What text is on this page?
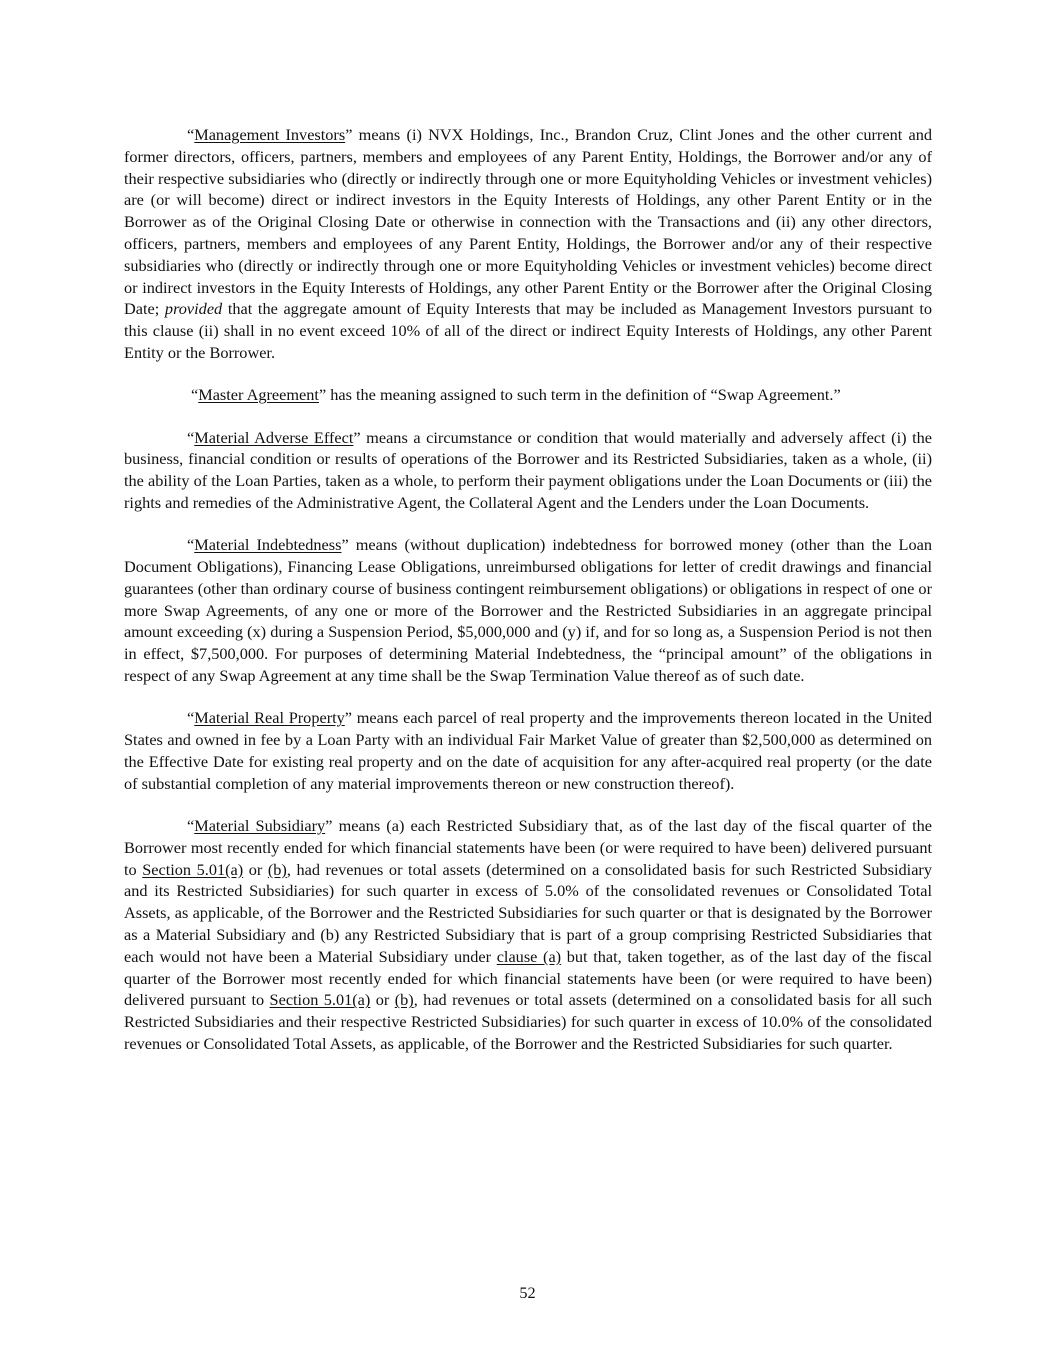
“Management Investors” means (i) NVX Holdings, Inc., Brandon Cruz, Clint Jones and the other current and former directors, officers, partners, members and employees of any Parent Entity, Holdings, the Borrower and/or any of their respective subsidiaries who (directly or indirectly through one or more Equityholding Vehicles or investment vehicles) are (or will become) direct or indirect investors in the Equity Interests of Holdings, any other Parent Entity or in the Borrower as of the Original Closing Date or otherwise in connection with the Transactions and (ii) any other directors, officers, partners, members and employees of any Parent Entity, Holdings, the Borrower and/or any of their respective subsidiaries who (directly or indirectly through one or more Equityholding Vehicles or investment vehicles) become direct or indirect investors in the Equity Interests of Holdings, any other Parent Entity or the Borrower after the Original Closing Date; provided that the aggregate amount of Equity Interests that may be included as Management Investors pursuant to this clause (ii) shall in no event exceed 10% of all of the direct or indirect Equity Interests of Holdings, any other Parent Entity or the Borrower.

“Master Agreement” has the meaning assigned to such term in the definition of “Swap Agreement.”

“Material Adverse Effect” means a circumstance or condition that would materially and adversely affect (i) the business, financial condition or results of operations of the Borrower and its Restricted Subsidiaries, taken as a whole, (ii) the ability of the Loan Parties, taken as a whole, to perform their payment obligations under the Loan Documents or (iii) the rights and remedies of the Administrative Agent, the Collateral Agent and the Lenders under the Loan Documents.

“Material Indebtedness” means (without duplication) indebtedness for borrowed money (other than the Loan Document Obligations), Financing Lease Obligations, unreimbursed obligations for letter of credit drawings and financial guarantees (other than ordinary course of business contingent reimbursement obligations) or obligations in respect of one or more Swap Agreements, of any one or more of the Borrower and the Restricted Subsidiaries in an aggregate principal amount exceeding (x) during a Suspension Period, $5,000,000 and (y) if, and for so long as, a Suspension Period is not then in effect, $7,500,000. For purposes of determining Material Indebtedness, the “principal amount” of the obligations in respect of any Swap Agreement at any time shall be the Swap Termination Value thereof as of such date.

“Material Real Property” means each parcel of real property and the improvements thereon located in the United States and owned in fee by a Loan Party with an individual Fair Market Value of greater than $2,500,000 as determined on the Effective Date for existing real property and on the date of acquisition for any after-acquired real property (or the date of substantial completion of any material improvements thereon or new construction thereof).

“Material Subsidiary” means (a) each Restricted Subsidiary that, as of the last day of the fiscal quarter of the Borrower most recently ended for which financial statements have been (or were required to have been) delivered pursuant to Section 5.01(a) or (b), had revenues or total assets (determined on a consolidated basis for such Restricted Subsidiary and its Restricted Subsidiaries) for such quarter in excess of 5.0% of the consolidated revenues or Consolidated Total Assets, as applicable, of the Borrower and the Restricted Subsidiaries for such quarter or that is designated by the Borrower as a Material Subsidiary and (b) any Restricted Subsidiary that is part of a group comprising Restricted Subsidiaries that each would not have been a Material Subsidiary under clause (a) but that, taken together, as of the last day of the fiscal quarter of the Borrower most recently ended for which financial statements have been (or were required to have been) delivered pursuant to Section 5.01(a) or (b), had revenues or total assets (determined on a consolidated basis for all such Restricted Subsidiaries and their respective Restricted Subsidiaries) for such quarter in excess of 10.0% of the consolidated revenues or Consolidated Total Assets, as applicable, of the Borrower and the Restricted Subsidiaries for such quarter.

52
